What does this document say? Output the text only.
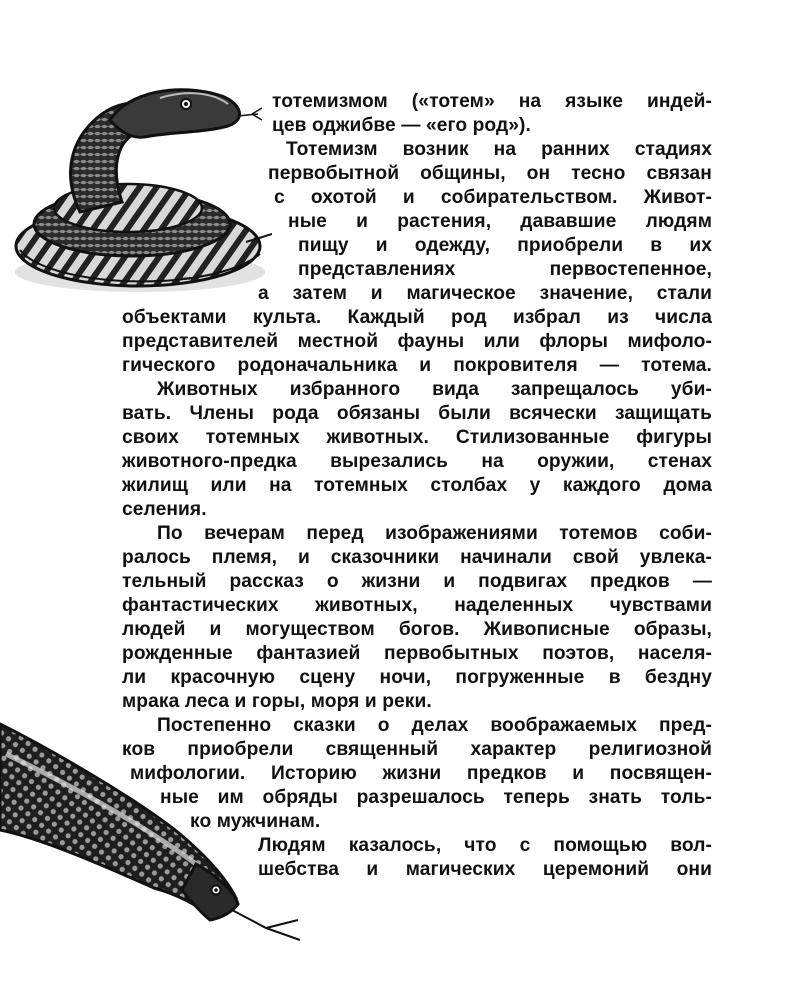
Print

тотемизмом («тотем» на языке индей-

цев оджибве — «его род»).

Тотемизм возник на ранних стадиях

первобытной общины, он тесно связан

с охотой и собирательством. Живот-

ные и растения, дававшие людям

пищу и одежду, приобрели в их

представлениях первостепенное,

а затем и магическое значение, стали

объектами культа. Каждый род избрал из числа

представителей местной фауны или флоры мифоло-

гического родоначальника и покровителя — тотема.

Животных избранного вида запрещалось уби-

вать. Члены рода обязаны были всячески защищать

своих тотемных животных. Стилизованные фигуры

животного-предка вырезались на оружии, стенах

жилищ или на тотемных столбах у каждого дома

селения.

По вечерам перед изображениями тотемов соби-

ралось племя, и сказочники начинали свой увлека-

тельный рассказ о жизни и подвигах предков —

фантастических животных, наделенных чувствами

людей и могуществом богов. Живописные образы,

рожденные фантазией первобытных поэтов, населя-

ли красочную сцену ночи, погруженные в бездну

мрака леса и горы, моря и реки.

Постепенно сказки о делах воображаемых пред-

ков приобрели священный характер религиозной

мифологии. Историю жизни предков и посвящен-

ные им обряды разрешалось теперь знать толь-

ко мужчинам.

Людям казалось, что с помощью вол-

шебства и магических церемоний они
